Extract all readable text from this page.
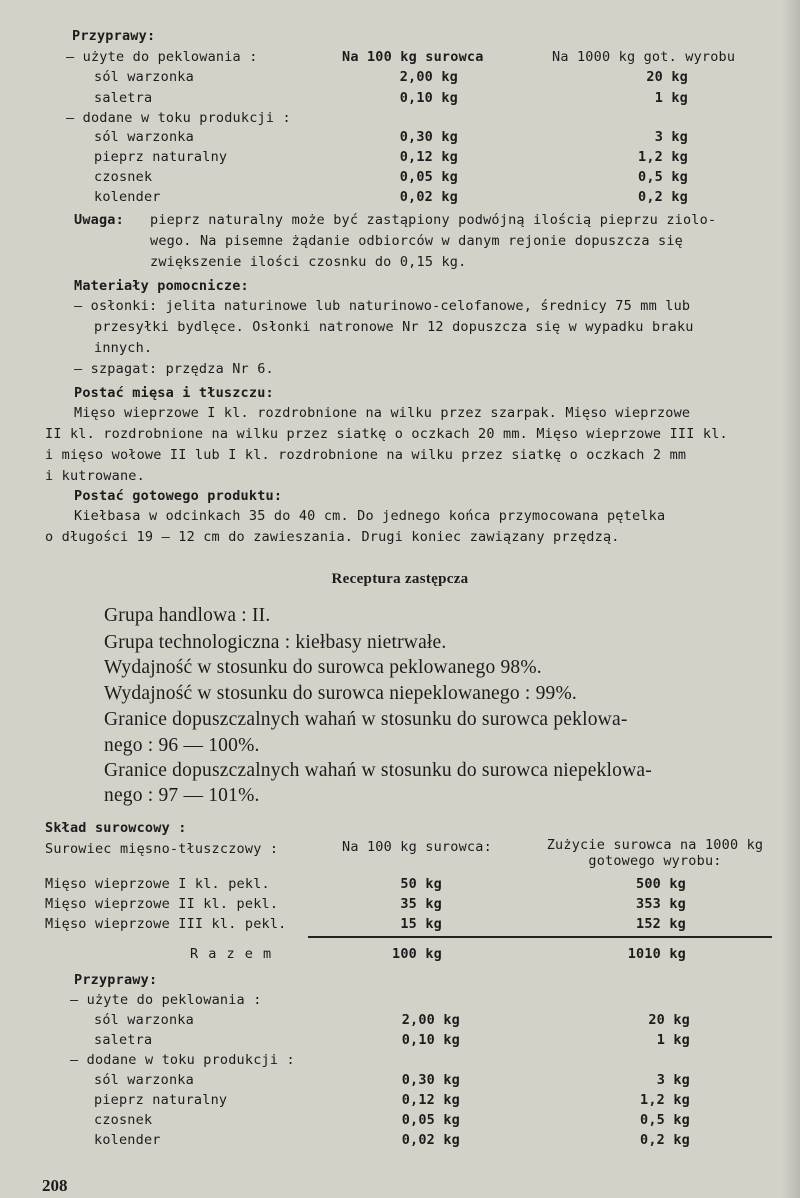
Przyprawy:
— użyte do peklowania :	Na 100 kg surowca	Na 1000 kg got. wyrobu
sól warzonka	2,00 kg	20 kg
saletra	0,10 kg	1 kg
— dodane w toku produkcji :
sól warzonka	0,30 kg	3 kg
pieprz naturalny	0,12 kg	1,2 kg
czosnek	0,05 kg	0,5 kg
kolender	0,02 kg	0,2 kg
Uwaga: pieprz naturalny może być zastąpiony podwójną ilością pieprzu ziolo-
wego. Na pisemne żądanie odbiorców w danym rejonie dopuszcza się
zwiększenie ilości czosnku do 0,15 kg.
Materiały pomocnicze:
— osłonki: jelita naturinowe lub naturinowo-celofanowe, średnicy 75 mm lub
przesyłki bydlęce. Osłonki natronowe Nr 12 dopuszcza się w wypadku braku
innych.
— szpagat: przędza Nr 6.
Postać mięsa i tłuszczu:
Mięso wieprzowe I kl. rozdrobnione na wilku przez szarpak. Mięso wieprzowe
II kl. rozdrobnione na wilku przez siatkę o oczkach 20 mm. Mięso wieprzowe III kl.
i mięso wołowe II lub I kl. rozdrobnione na wilku przez siatkę o oczkach 2 mm
i kutrowane.
Postać gotowego produktu:
Kiełbasa w odcinkach 35 do 40 cm. Do jednego końca przymocowana pętelka
o długości 19 — 12 cm do zawieszania. Drugi koniec zawiązany przędzą.
Receptura zastępcza
Grupa handlowa : II.
Grupa technologiczna : kiełbasy nietrwałe.
Wydajność w stosunku do surowca peklowanego 98%.
Wydajność w stosunku do surowca niepeklowanego : 99%.
Granice dopuszczalnych wahań w stosunku do surowca peklowa-
nego : 96 — 100%.
Granice dopuszczalnych wahań w stosunku do surowca niepeklowa-
nego : 97 — 101%.
Skład surowcowy :
Surowiec mięsno-tłuszczowy :	Na 100 kg surowca:	Zużycie surowca na 1000 kg
gotowego wyrobu:
Mięso wieprzowe I kl. pekl.	50 kg	500 kg
Mięso wieprzowe II kl. pekl.	35 kg	353 kg
Mięso wieprzowe III kl. pekl.	15 kg	152 kg
R a z e m	100 kg	1010 kg
Przyprawy:
— użyte do peklowania :
sól warzonka	2,00 kg	20 kg
saletra	0,10 kg	1 kg
— dodane w toku produkcji :
sól warzonka	0,30 kg	3 kg
pieprz naturalny	0,12 kg	1,2 kg
czosnek	0,05 kg	0,5 kg
kolender	0,02 kg	0,2 kg
208
